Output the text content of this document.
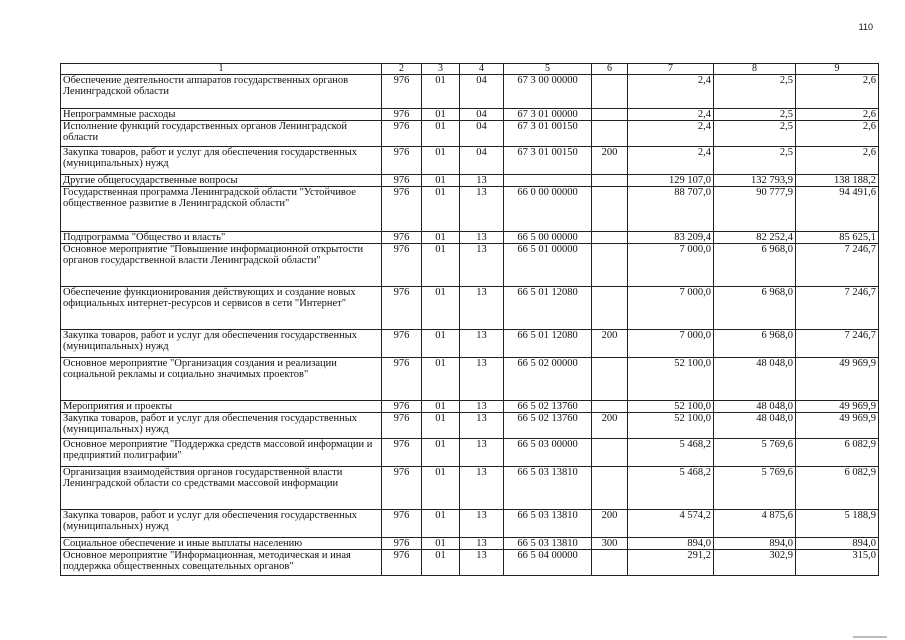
110
1	2	3	4	5	6	7	8	9
Обеспечение деятельности аппаратов государственных органов Ленинградской области	976	01	04	67 3 00 00000		2,4	2,5	2,6
Непрограммные расходы	976	01	04	67 3 01 00000		2,4	2,5	2,6
Исполнение функций государственных органов Ленинградской области	976	01	04	67 3 01 00150		2,4	2,5	2,6
Закупка товаров, работ и услуг для обеспечения государственных (муниципальных) нужд	976	01	04	67 3 01 00150	200	2,4	2,5	2,6
Другие общегосударственные вопросы	976	01	13			129 107,0	132 793,9	138 188,2
Государственная программа Ленинградской области "Устойчивое общественное развитие в Ленинградской области"	976	01	13	66 0 00 00000		88 707,0	90 777,9	94 491,6
Подпрограмма "Общество и власть"	976	01	13	66 5 00 00000		83 209,4	82 252,4	85 625,1
Основное мероприятие "Повышение информационной открытости органов государственной власти Ленинградской области"	976	01	13	66 5 01 00000		7 000,0	6 968,0	7 246,7
Обеспечение функционирования действующих и создание новых официальных интернет-ресурсов и сервисов в сети "Интернет"	976	01	13	66 5 01 12080		7 000,0	6 968,0	7 246,7
Закупка товаров, работ и услуг для обеспечения государственных (муниципальных) нужд	976	01	13	66 5 01 12080	200	7 000,0	6 968,0	7 246,7
Основное мероприятие "Организация создания и реализации социальной рекламы и социально значимых проектов"	976	01	13	66 5 02 00000		52 100,0	48 048,0	49 969,9
Мероприятия и проекты	976	01	13	66 5 02 13760		52 100,0	48 048,0	49 969,9
Закупка товаров, работ и услуг для обеспечения государственных (муниципальных) нужд	976	01	13	66 5 02 13760	200	52 100,0	48 048,0	49 969,9
Основное мероприятие "Поддержка средств массовой информации и предприятий полиграфии"	976	01	13	66 5 03 00000		5 468,2	5 769,6	6 082,9
Организация взаимодействия органов государственной власти Ленинградской области со средствами массовой информации	976	01	13	66 5 03 13810		5 468,2	5 769,6	6 082,9
Закупка товаров, работ и услуг для обеспечения государственных (муниципальных) нужд	976	01	13	66 5 03 13810	200	4 574,2	4 875,6	5 188,9
Социальное обеспечение и иные выплаты населению	976	01	13	66 5 03 13810	300	894,0	894,0	894,0
Основное мероприятие "Информационная, методическая и иная поддержка общественных совещательных органов"	976	01	13	66 5 04 00000		291,2	302,9	315,0
